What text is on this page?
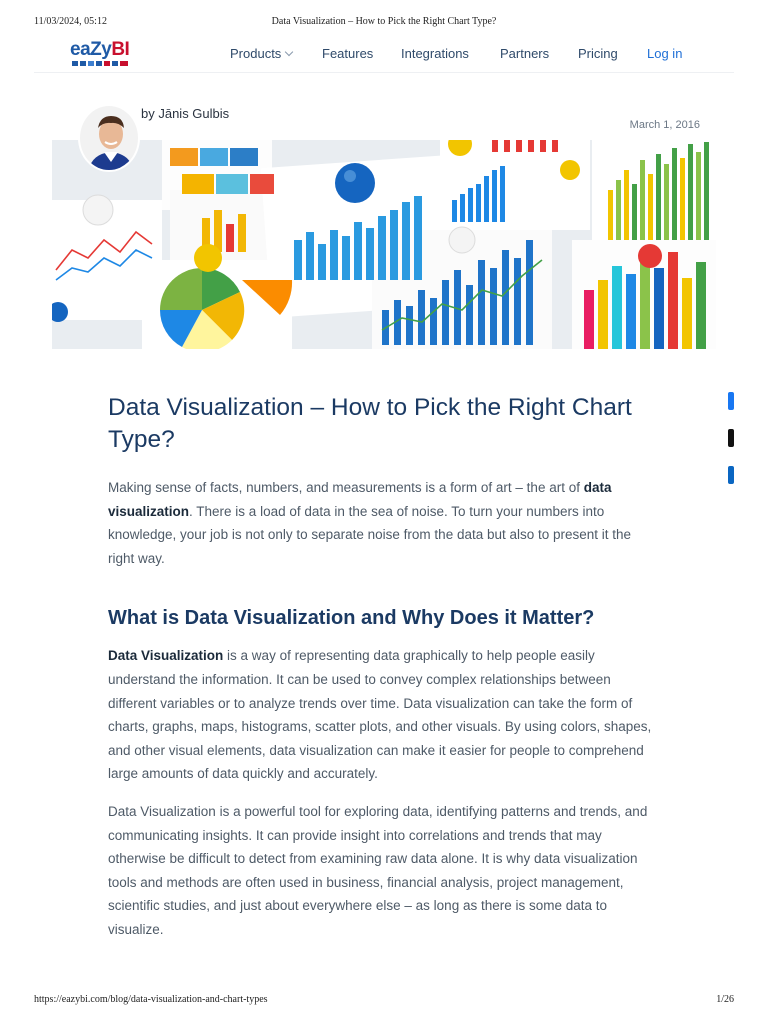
11/03/2024, 05:12	Data Visualization – How to Pick the Right Chart Type?
eaZyBI	Products	Features Integrations Partners Pricing Log in
by Jānis Gulbis
March 1, 2016
Data Visualization – How to Pick the Right Chart Type?

Making sense of facts, numbers, and measurements is a form of art – the art of data visualization. There is a load of data in the sea of noise. To turn your numbers into knowledge, your job is not only to separate noise from the data but also to present it the right way.

What is Data Visualization and Why Does it Matter?

Data Visualization is a way of representing data graphically to help people easily understand the information. It can be used to convey complex relationships between different variables or to analyze trends over time. Data visualization can take the form of charts, graphs, maps, histograms, scatter plots, and other visuals. By using colors, shapes, and other visual elements, data visualization can make it easier for people to comprehend large amounts of data quickly and accurately.

Data Visualization is a powerful tool for exploring data, identifying patterns and trends, and communicating insights. It can provide insight into correlations and trends that may otherwise be difficult to detect from examining raw data alone. It is why data visualization tools and methods are often used in business, financial analysis, project management, scientific studies, and just about everywhere else – as long as there is some data to visualize.

https://eazybi.com/blog/data-visualization-and-chart-types	1/26
